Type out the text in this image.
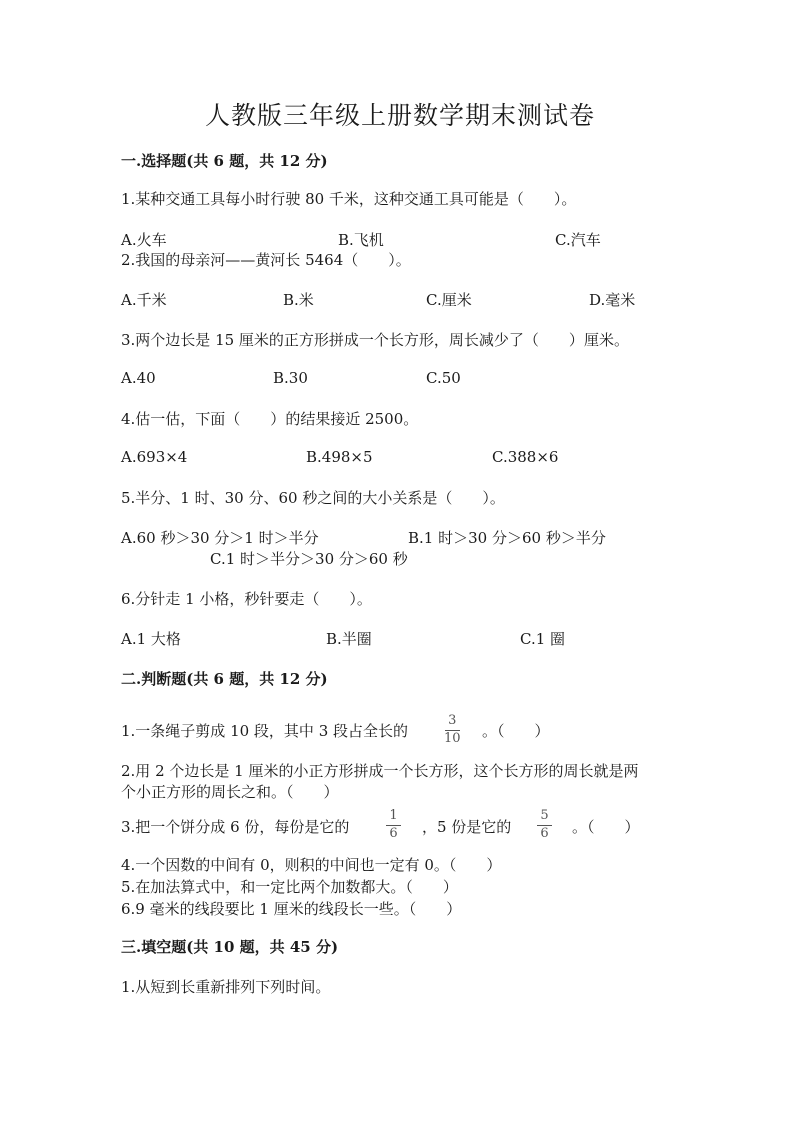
人教版三年级上册数学期末测试卷
一.选择题(共 6 题，共 12 分)
1.某种交通工具每小时行驶 80 千米，这种交通工具可能是（　　）。
A.火车	B.飞机	C.汽车
2.我国的母亲河——黄河长 5464（　　）。
A.千米	B.米	C.厘米	D.毫米
3.两个边长是 15 厘米的正方形拼成一个长方形，周长减少了（　　）厘米。
A.40	B.30	C.50
4.估一估，下面（　　）的结果接近 2500。
A.693×4	B.498×5	C.388×6
5.半分、1 时、30 分、60 秒之间的大小关系是（　　）。
A.60 秒＞30 分＞1 时＞半分	B.1 时＞30 分＞60 秒＞半分
C.1 时＞半分＞30 分＞60 秒
6.分针走 1 小格，秒针要走（　　）。
A.1 大格	B.半圈	C.1 圈
二.判断题(共 6 题，共 12 分)
1.一条绳子剪成 10 段，其中 3 段占全长的
3
10 。（　　）
2.用 2 个边长是 1 厘米的小正方形拼成一个长方形，这个长方形的周长就是两
个小正方形的周长之和。（　　）
3.把一个饼分成 6 份，每份是它的
1
6 ，5 份是它的
5
6 。（　　）
4.一个因数的中间有 0，则积的中间也一定有 0。（　　）
5.在加法算式中，和一定比两个加数都大。（　　）
6.9 毫米的线段要比 1 厘米的线段长一些。（　　）
三.填空题(共 10 题，共 45 分)
1.从短到长重新排列下列时间。
